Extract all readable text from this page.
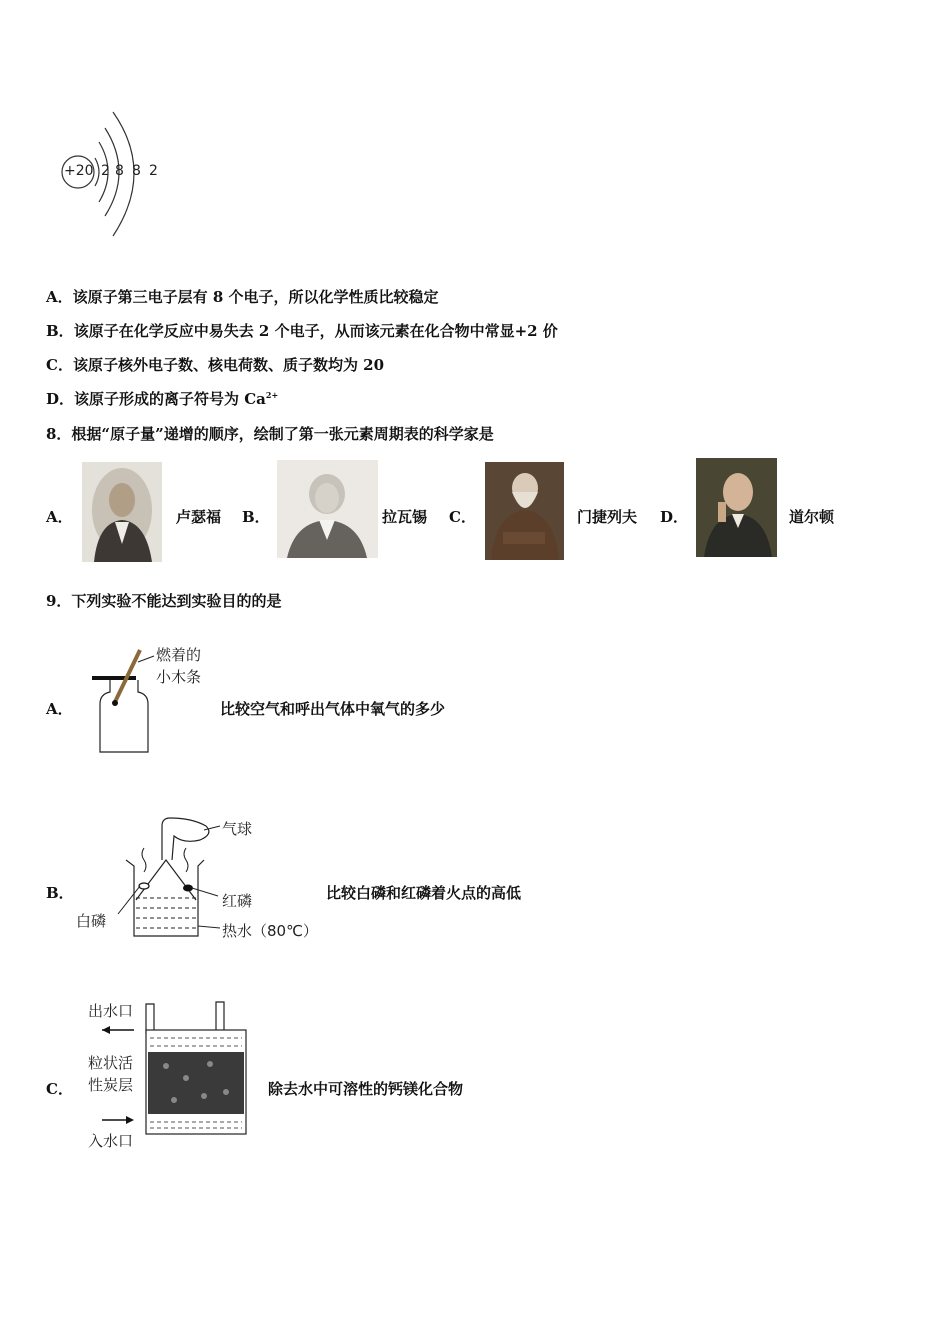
+20 2 8 8 2
A．该原子第三电子层有 8 个电子，所以化学性质比较稳定
B．该原子在化学反应中易失去 2 个电子，从而该元素在化合物中常显+2 价
C．该原子核外电子数、核电荷数、质子数均为 20
D．该原子形成的离子符号为 $Ca^{2+}$
8．根据“原子量”递增的顺序，绘制了第一张元素周期表的科学家是
A．	卢瑟福 B．	拉瓦锡 C．	门捷列夫 D．	道尔顿
9．下列实验不能达到实验目的的是
A．
燃着的
小木条
比较空气和呼出气体中氧气的多少
B．
气球
红磷
白磷
热水（80℃）
比较白磷和红磷着火点的高低
C．
出水口
粒状活
性炭层
入水口
除去水中可溶性的钙镁化合物
